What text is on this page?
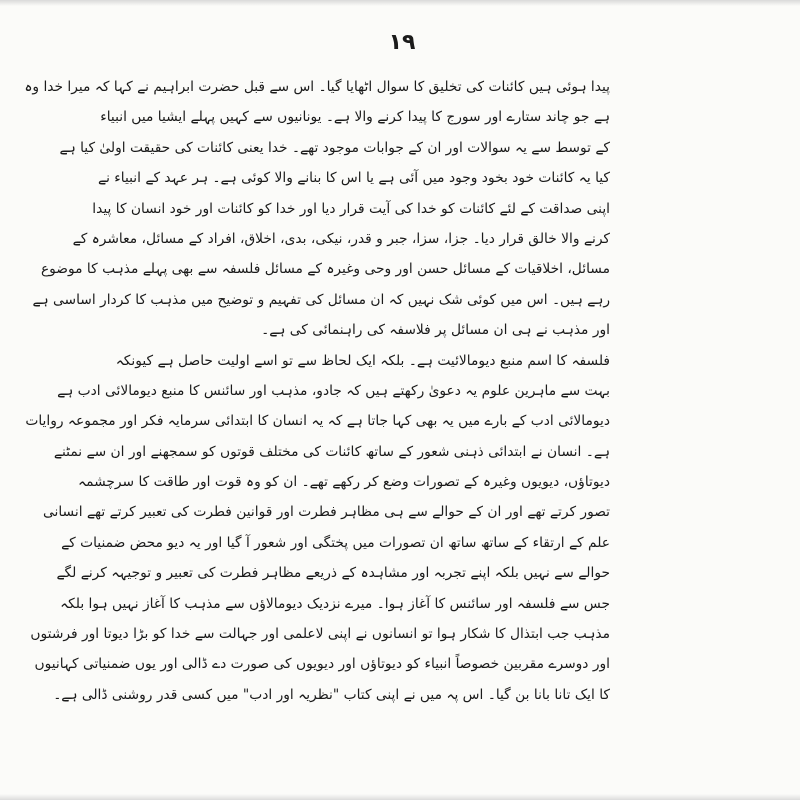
۱۹
پیدا ہوئی ہیں کائنات کی تخلیق کا سوال اٹھایا گیا۔ اس سے قبل حضرت ابراہیم نے کہا کہ میرا خدا وہ
ہے جو چاند ستارے اور سورج کا پیدا کرنے والا ہے۔ یونانیوں سے کہیں پہلے ایشیا میں انبیاء
کے توسط سے یہ سوالات اور ان کے جوابات موجود تھے۔ خدا یعنی کائنات کی حقیقت اولیٰ کیا ہے
کیا یہ کائنات خود بخود وجود میں آئی ہے یا اس کا بنانے والا کوئی ہے۔ ہر عہد کے انبیاء نے
اپنی صداقت کے لئے کائنات کو خدا کی آیت قرار دیا اور خدا کو کائنات اور خود انسان کا پیدا
کرنے والا خالق قرار دیا۔ جزا، سزا، جبر و قدر، نیکی، بدی، اخلاق، افراد کے مسائل، معاشرہ کے
مسائل، اخلاقیات کے مسائل حسن اور وحی وغیرہ کے مسائل فلسفہ سے بھی پہلے مذہب کا موضوع
رہے ہیں۔ اس میں کوئی شک نہیں کہ ان مسائل کی تفہیم و توضیح میں مذہب کا کردار اساسی ہے
اور مذہب نے ہی ان مسائل پر فلاسفہ کی راہنمائی کی ہے۔
فلسفہ کا اسم منبع دیومالائیت ہے۔ بلکہ ایک لحاظ سے تو اسے اولیت حاصل ہے کیونکہ
بہت سے ماہرین علوم یہ دعویٰ رکھتے ہیں کہ جادو، مذہب اور سائنس کا منبع دیومالائی ادب ہے
دیومالائی ادب کے بارے میں یہ بھی کہا جاتا ہے کہ یہ انسان کا ابتدائی سرمایہ فکر اور مجموعہ روایات
ہے۔ انسان نے ابتدائی ذہنی شعور کے ساتھ کائنات کی مختلف قوتوں کو سمجھنے اور ان سے نمٹنے
دیوتاؤں، دیویوں وغیرہ کے تصورات وضع کر رکھے تھے۔ ان کو وہ قوت اور طاقت کا سرچشمہ
تصور کرتے تھے اور ان کے حوالے سے ہی مظاہر فطرت اور قوانین فطرت کی تعبیر کرتے تھے انسانی
علم کے ارتقاء کے ساتھ ساتھ ان تصورات میں پختگی اور شعور آ گیا اور یہ دیو محض ضمنیات کے
حوالے سے نہیں بلکہ اپنے تجربہ اور مشاہدہ کے ذریعے مظاہر فطرت کی تعبیر و توجیہہ کرنے لگے
جس سے فلسفہ اور سائنس کا آغاز ہوا۔ میرے نزدیک دیومالاؤں سے مذہب کا آغاز نہیں ہوا بلکہ
مذہب جب ابتذال کا شکار ہوا تو انسانوں نے اپنی لاعلمی اور جہالت سے خدا کو بڑا دیوتا اور فرشتوں
اور دوسرے مقربین خصوصاً انبیاء کو دیوتاؤں اور دیویوں کی صورت دے ڈالی اور یوں ضمنیاتی کہانیوں
کا ایک تانا بانا بن گیا۔ اس پہ میں نے اپنی کتاب "نظریہ اور ادب" میں کسی قدر روشنی ڈالی ہے۔
